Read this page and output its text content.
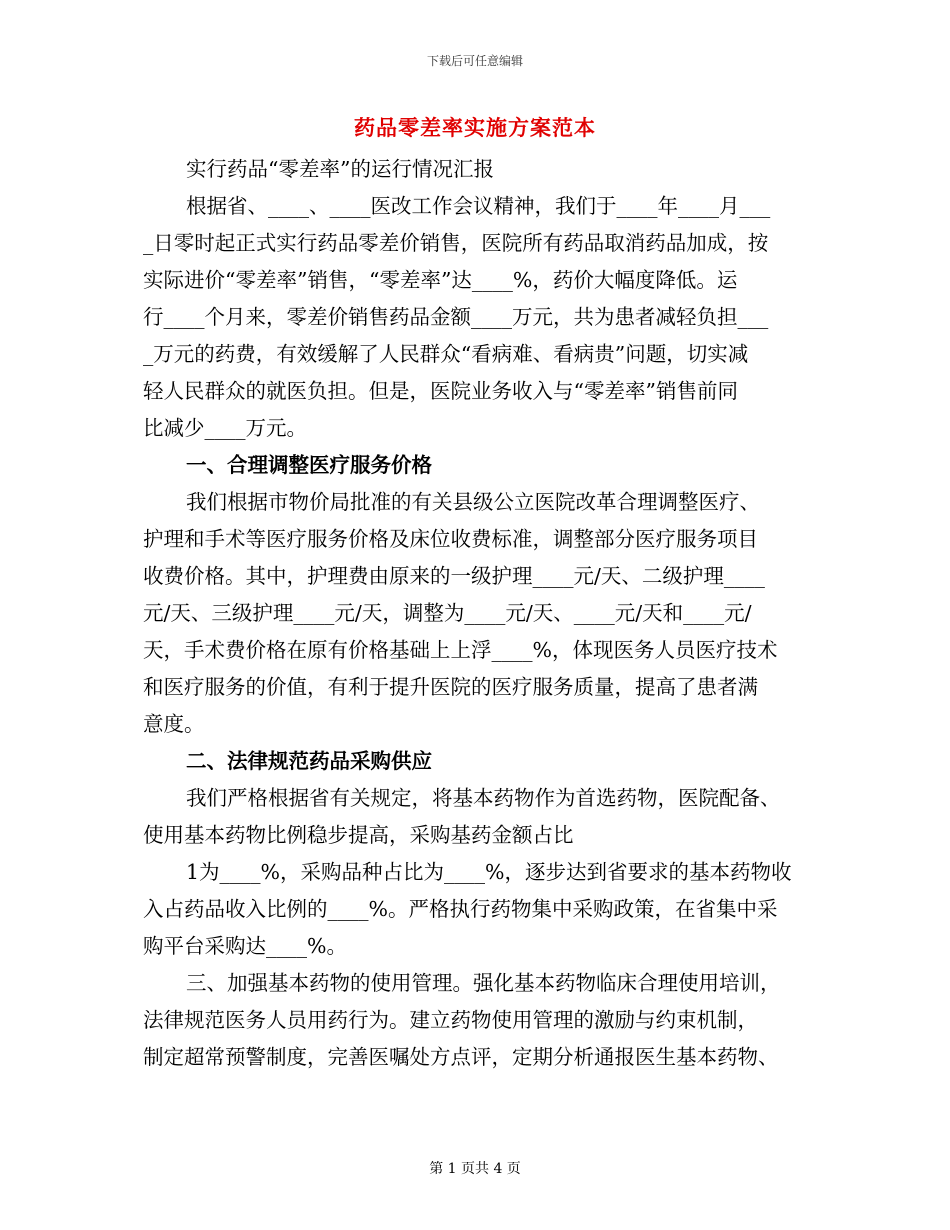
下载后可任意编辑
药品零差率实施方案范本
实行药品“零差率”的运行情况汇报
根据省、____、____医改工作会议精神，我们于____年____月___
_日零时起正式实行药品零差价销售，医院所有药品取消药品加成，按
实际进价“零差率”销售，“零差率”达____%，药价大幅度降低。运
行____个月来，零差价销售药品金额____万元，共为患者减轻负担___
_万元的药费，有效缓解了人民群众“看病难、看病贵”问题，切实减
轻人民群众的就医负担。但是，医院业务收入与“零差率”销售前同
比减少____万元。
一、合理调整医疗服务价格
我们根据市物价局批准的有关县级公立医院改革合理调整医疗、
护理和手术等医疗服务价格及床位收费标准，调整部分医疗服务项目
收费价格。其中，护理费由原来的一级护理____元/天、二级护理____
元/天、三级护理____元/天，调整为____元/天、____元/天和____元/
天，手术费价格在原有价格基础上上浮____%，体现医务人员医疗技术
和医疗服务的价值，有利于提升医院的医疗服务质量，提高了患者满
意度。
二、法律规范药品采购供应
我们严格根据省有关规定，将基本药物作为首选药物，医院配备、
使用基本药物比例稳步提高，采购基药金额占比
1为____%，采购品种占比为____%，逐步达到省要求的基本药物收
入占药品收入比例的____%。严格执行药物集中采购政策，在省集中采
购平台采购达____%。
三、加强基本药物的使用管理。强化基本药物临床合理使用培训，
法律规范医务人员用药行为。建立药物使用管理的激励与约束机制，
制定超常预警制度，完善医嘱处方点评，定期分析通报医生基本药物、
第 1 页共 4 页
